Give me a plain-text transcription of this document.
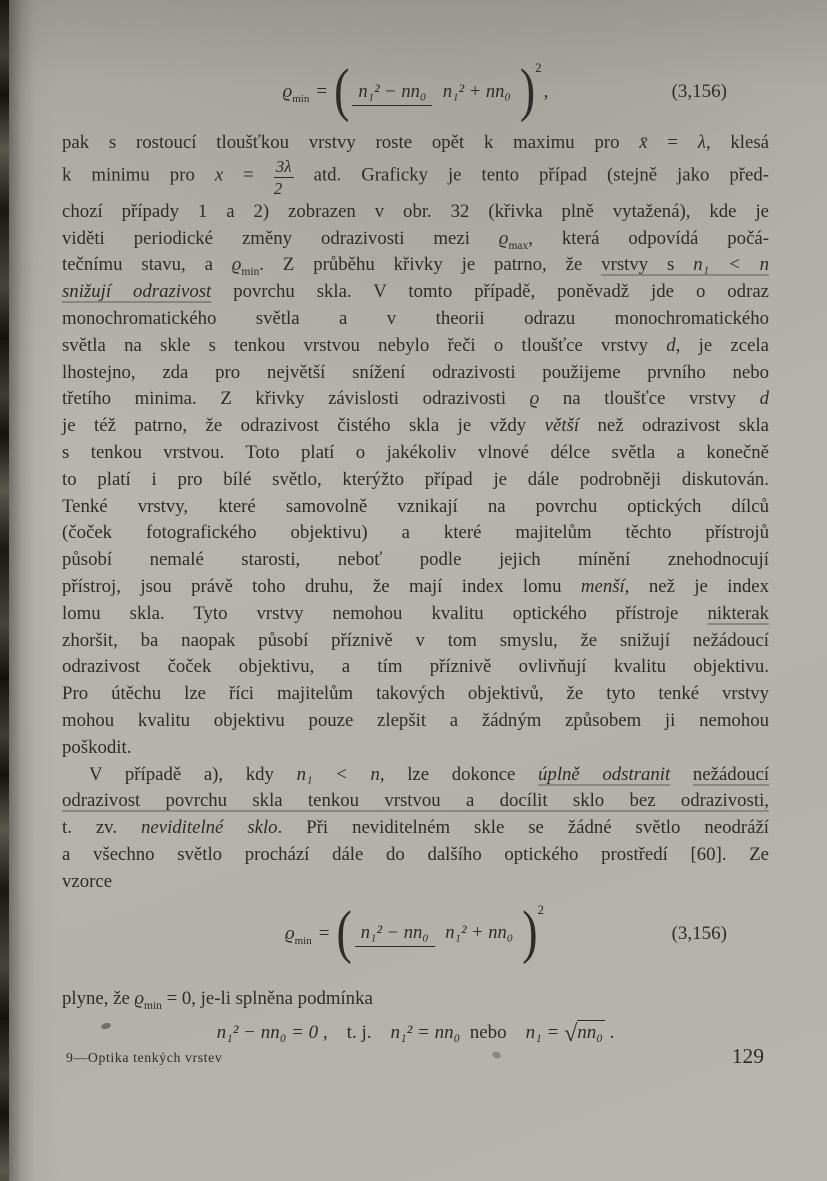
$ϱ_{min}$ = ( n₁² − nn₀ n₁² + nn₀ )$^2$
,	(3,156)
pak s rostoucí tloušťkou vrstvy roste opět k maximu pro x̄ = λ, klesá
k minimu pro $x = \frac{3\lambda}{2}$ atd. Graficky je tento případ (stejně jako před-
chozí případy 1 a 2) zobrazen v obr. 32 (křivka plně vytažená), kde je
viděti periodické změny odrazivosti mezi $ϱ_{max}$, která odpovídá počá-
tečnímu stavu, a $ϱ_{min}$. Z průběhu křivky je patrno, že vrstvy s n₁ < n
snižují odrazivost povrchu skla. V tomto případě, poněvadž jde o odraz
monochromatického světla a v theorii odrazu monochromatického
světla na skle s tenkou vrstvou nebylo řeči o tloušťce vrstvy d, je zcela
lhostejno, zda pro největší snížení odrazivosti použijeme prvního nebo
třetího minima. Z křivky závislosti odrazivosti ϱ na tloušťce vrstvy d
je též patrno, že odrazivost čistého skla je vždy větší než odrazivost skla
s tenkou vrstvou. Toto platí o jakékoliv vlnové délce světla a konečně
to platí i pro bílé světlo, kterýžto případ je dále podrobněji diskutován.
Tenké vrstvy, které samovolně vznikají na povrchu optických dílců
(čoček fotografického objektivu) a které majitelům těchto přístrojů
působí nemalé starosti, neboť podle jejich mínění znehodnocují
přístroj, jsou právě toho druhu, že mají index lomu menší, než je index
lomu skla. Tyto vrstvy nemohou kvalitu optického přístroje nikterak
zhoršit, ba naopak působí příznivě v tom smyslu, že snižují nežádoucí
odrazivost čoček objektivu, a tím příznivě ovlivňují kvalitu objektivu.
Pro útěchu lze říci majitelům takových objektivů, že tyto tenké vrstvy
mohou kvalitu objektivu pouze zlepšit a žádným způsobem ji nemohou
poškodit.
V případě a), kdy n₁ < n, lze dokonce úplně odstranit nežádoucí
odrazivost povrchu skla tenkou vrstvou a docílit sklo bez odrazivosti,
t. zv. neviditelné sklo. Při neviditelném skle se žádné světlo neodráží
a všechno světlo prochází dále do dalšího optického prostředí [60]. Ze
vzorce
$ϱ_{min}$ = ( n₁² − nn₀ n₁² + nn₀ )$^2$
(3,156)
plyne, že $ϱ_{min} = 0$, je-li splněna podmínka
n₁² − nn₀ = 0 , t. j. n₁² = nn₀ nebo n₁ = √nn₀ .
9—Optika tenkých vrstev	129
